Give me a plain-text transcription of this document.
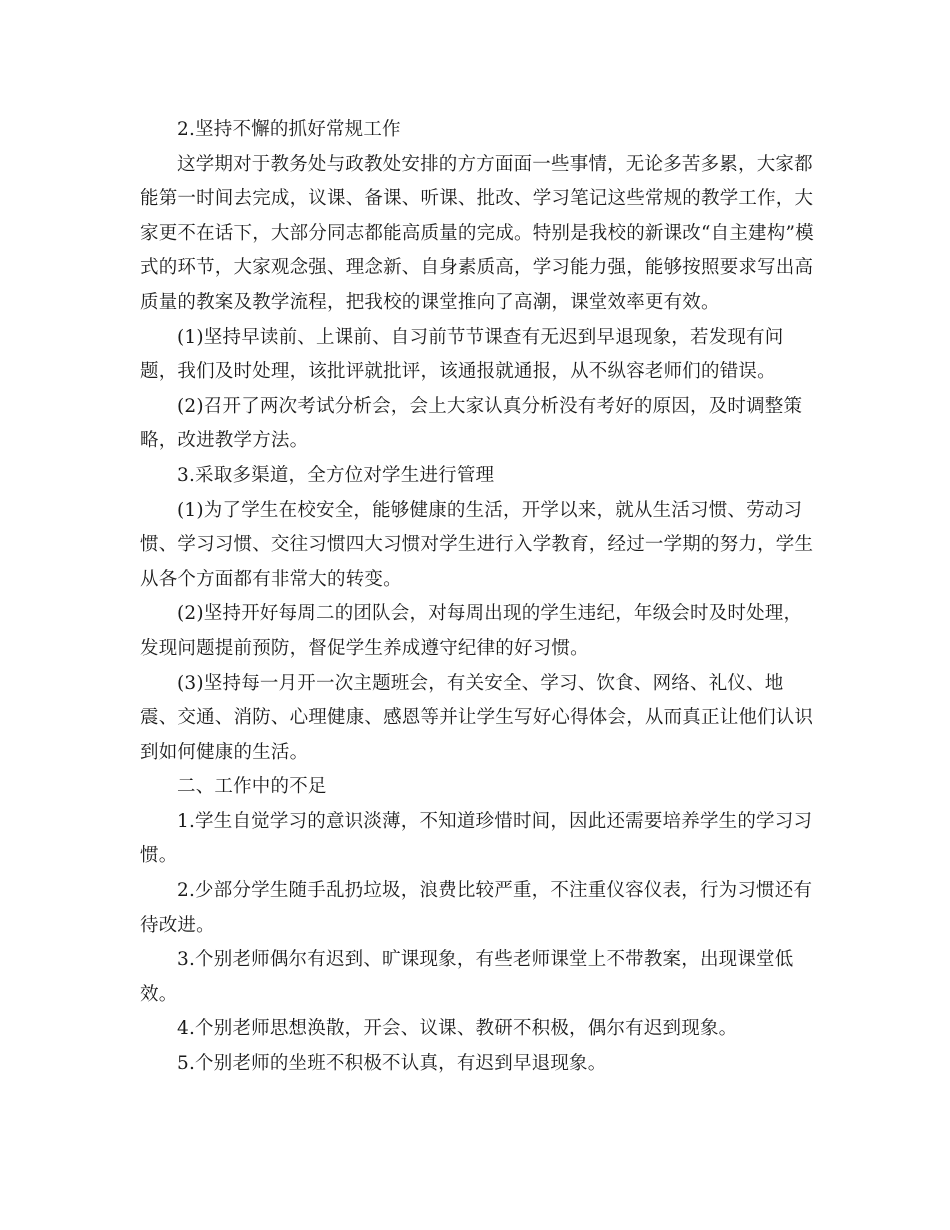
2.坚持不懈的抓好常规工作

这学期对于教务处与政教处安排的方方面面一些事情，无论多苦多累，大家都能第一时间去完成，议课、备课、听课、批改、学习笔记这些常规的教学工作，大家更不在话下，大部分同志都能高质量的完成。特别是我校的新课改“自主建构”模式的环节，大家观念强、理念新、自身素质高，学习能力强，能够按照要求写出高质量的教案及教学流程，把我校的课堂推向了高潮，课堂效率更有效。

(1)坚持早读前、上课前、自习前节节课查有无迟到早退现象，若发现有问题，我们及时处理，该批评就批评，该通报就通报，从不纵容老师们的错误。

(2)召开了两次考试分析会，会上大家认真分析没有考好的原因，及时调整策略，改进教学方法。

3.采取多渠道，全方位对学生进行管理

(1)为了学生在校安全，能够健康的生活，开学以来，就从生活习惯、劳动习惯、学习习惯、交往习惯四大习惯对学生进行入学教育，经过一学期的努力，学生从各个方面都有非常大的转变。

(2)坚持开好每周二的团队会，对每周出现的学生违纪，年级会时及时处理，发现问题提前预防，督促学生养成遵守纪律的好习惯。

(3)坚持每一月开一次主题班会，有关安全、学习、饮食、网络、礼仪、地震、交通、消防、心理健康、感恩等并让学生写好心得体会，从而真正让他们认识到如何健康的生活。

二、工作中的不足

1.学生自觉学习的意识淡薄，不知道珍惜时间，因此还需要培养学生的学习习惯。

2.少部分学生随手乱扔垃圾，浪费比较严重，不注重仪容仪表，行为习惯还有待改进。

3.个别老师偶尔有迟到、旷课现象，有些老师课堂上不带教案，出现课堂低效。

4.个别老师思想涣散，开会、议课、教研不积极，偶尔有迟到现象。

5.个别老师的坐班不积极不认真，有迟到早退现象。
